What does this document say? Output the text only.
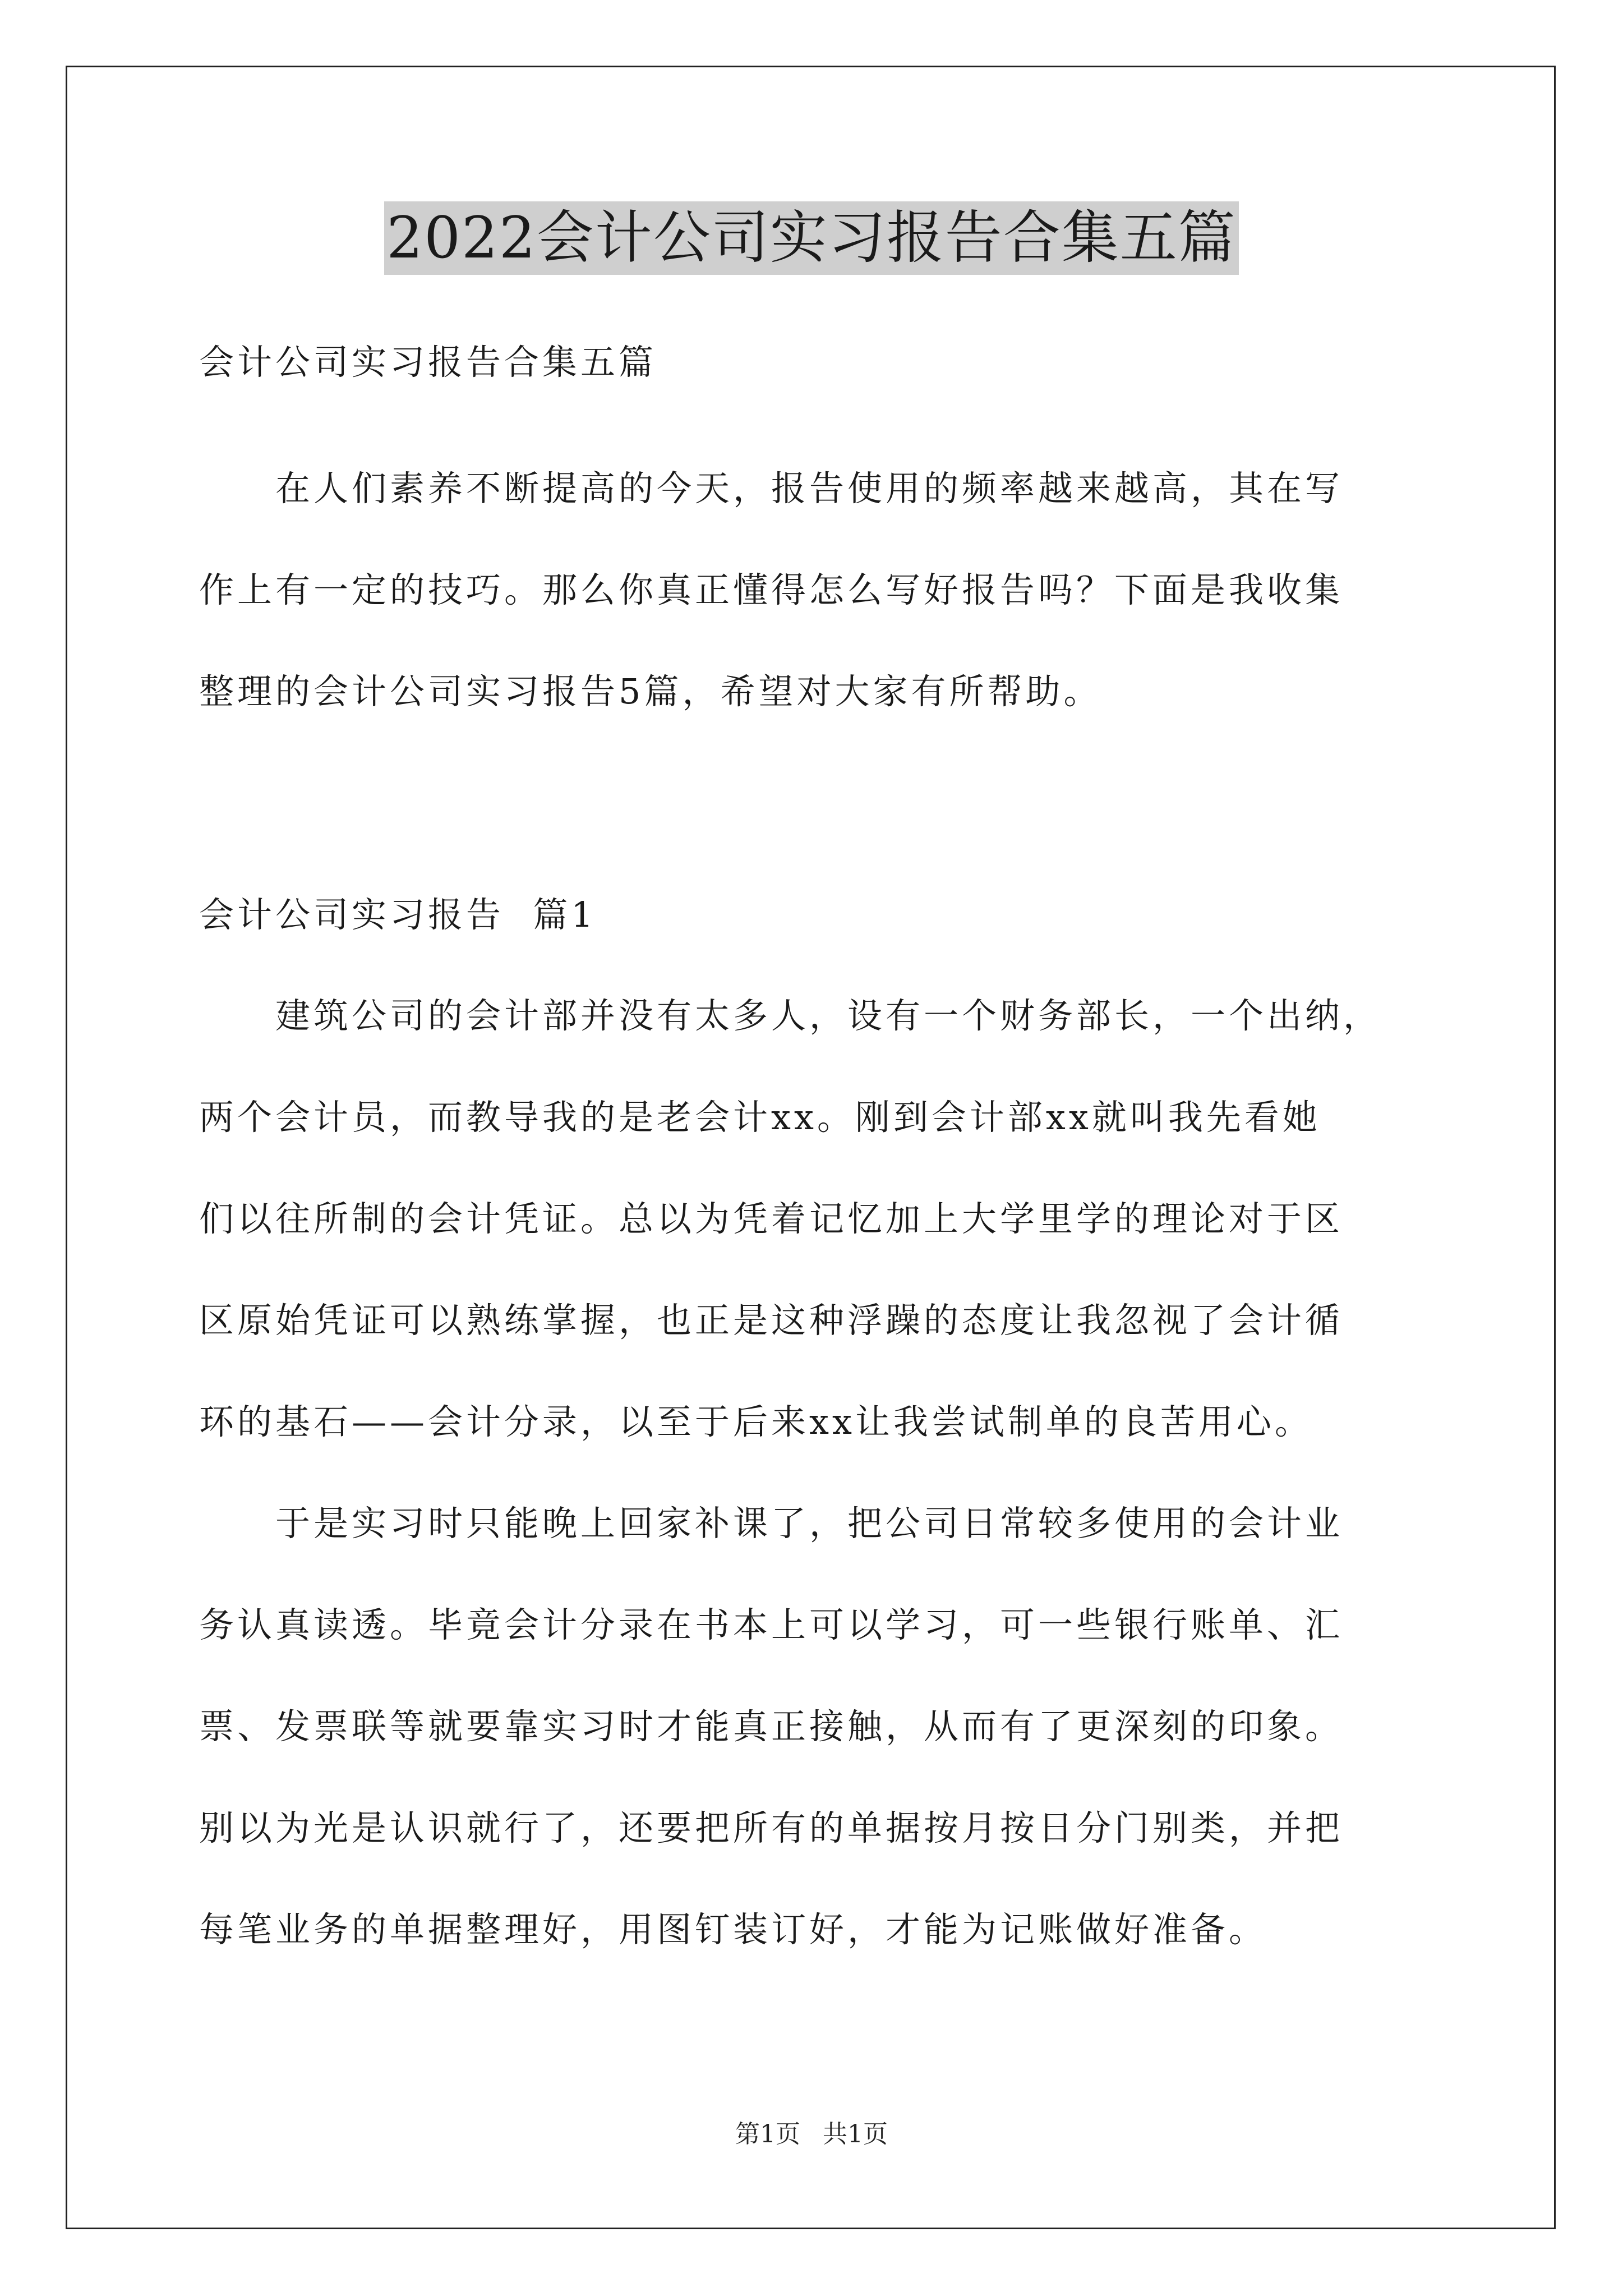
2022会计公司实习报告合集五篇
会计公司实习报告合集五篇
　　在人们素养不断提高的今天，报告使用的频率越来越高，其在写
作上有一定的技巧。那么你真正懂得怎么写好报告吗？下面是我收集
整理的会计公司实习报告5篇，希望对大家有所帮助。
会计公司实习报告  篇1
　　建筑公司的会计部并没有太多人，设有一个财务部长，一个出纳，
两个会计员，而教导我的是老会计xx。刚到会计部xx就叫我先看她
们以往所制的会计凭证。总以为凭着记忆加上大学里学的理论对于区
区原始凭证可以熟练掌握，也正是这种浮躁的态度让我忽视了会计循
环的基石——会计分录，以至于后来xx让我尝试制单的良苦用心。
　　于是实习时只能晚上回家补课了，把公司日常较多使用的会计业
务认真读透。毕竟会计分录在书本上可以学习，可一些银行账单、汇
票、发票联等就要靠实习时才能真正接触，从而有了更深刻的印象。
别以为光是认识就行了，还要把所有的单据按月按日分门别类，并把
每笔业务的单据整理好，用图钉装订好，才能为记账做好准备。
第1页 共1页
